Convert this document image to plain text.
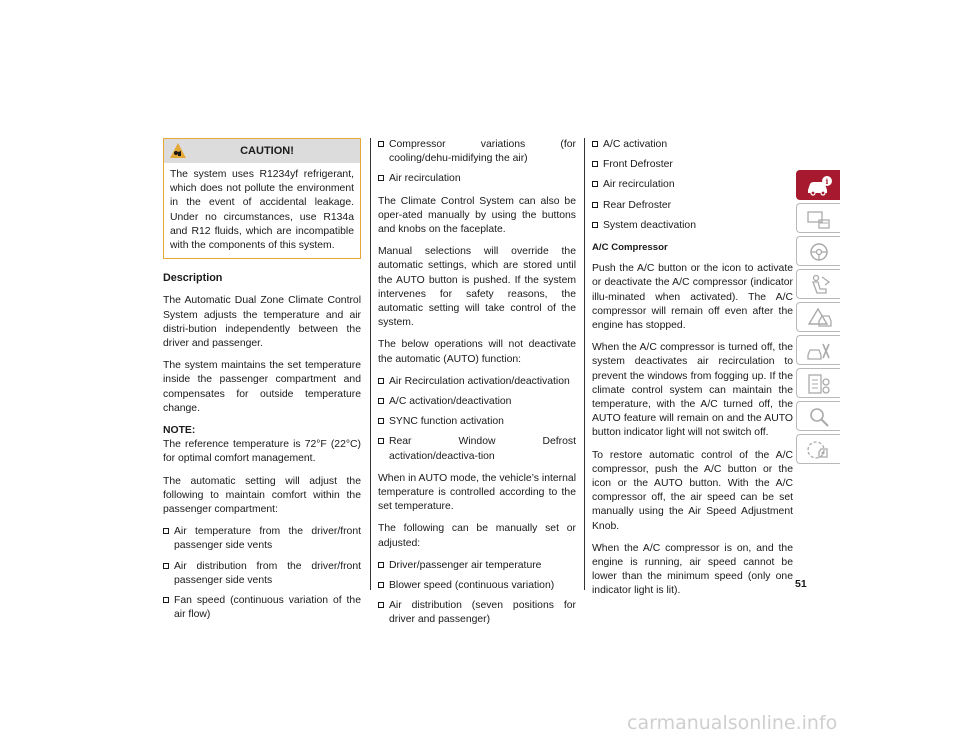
CAUTION!
The system uses R1234yf refrigerant, which does not pollute the environment in the event of accidental leakage. Under no circumstances, use R134a and R12 fluids, which are incompatible with the components of this system.
Description

The Automatic Dual Zone Climate Control System adjusts the temperature and air distri-bution independently between the driver and passenger.

The system maintains the set temperature inside the passenger compartment and compensates for outside temperature change.

NOTE:
The reference temperature is 72°F (22°C) for optimal comfort management.

The automatic setting will adjust the following to maintain comfort within the passenger compartment:

Air temperature from the driver/front passenger side vents
Air distribution from the driver/front passenger side vents
Fan speed (continuous variation of the air flow)
Compressor variations (for cooling/dehu-midifying the air)
Air recirculation

The Climate Control System can also be oper-ated manually by using the buttons and knobs on the faceplate.

Manual selections will override the automatic settings, which are stored until the AUTO button is pushed. If the system intervenes for safety reasons, the automatic setting will take control of the system.

The below operations will not deactivate the automatic (AUTO) function:

Air Recirculation activation/deactivation
A/C activation/deactivation
SYNC function activation
Rear Window Defrost activation/deactiva-tion

When in AUTO mode, the vehicle’s internal temperature is controlled according to the set temperature.

The following can be manually set or adjusted:

Driver/passenger air temperature
Blower speed (continuous variation)
Air distribution (seven positions for driver and passenger)
A/C activation
Front Defroster
Air recirculation
Rear Defroster
System deactivation
A/C Compressor

Push the A/C button or the icon to activate or deactivate the A/C compressor (indicator illu-minated when activated). The A/C compressor will remain off even after the engine has stopped.

When the A/C compressor is turned off, the system deactivates air recirculation to prevent the windows from fogging up. If the climate control system can maintain the temperature, with the A/C turned off, the AUTO feature will remain on and the AUTO button indicator light will not switch off.

To restore automatic control of the A/C compressor, push the A/C button or the icon or the AUTO button. With the A/C compressor off, the air speed can be set manually using the Air Speed Adjustment Knob.

When the A/C compressor is on, and the engine is running, air speed cannot be lower than the minimum speed (only one indicator light is lit).

i
51
carmanualsonline.info
